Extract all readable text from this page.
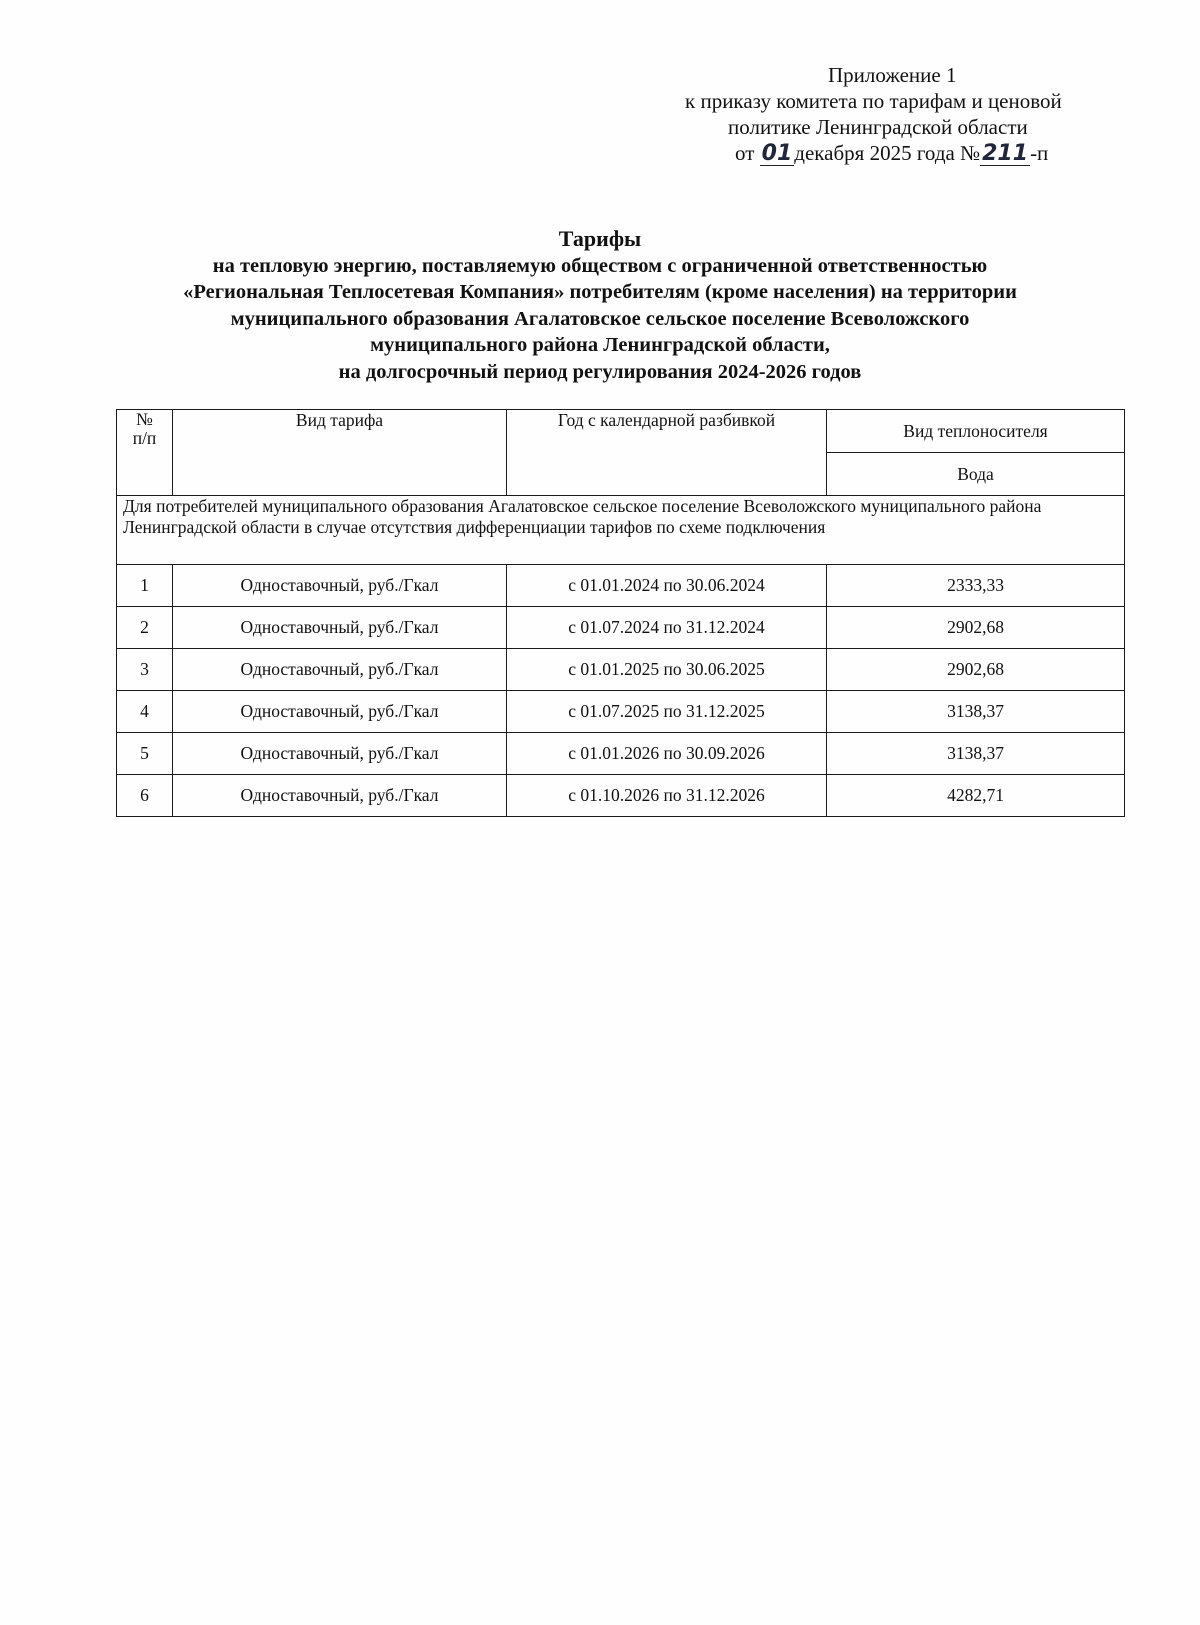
Приложение 1
к приказу комитета по тарифам и ценовой
политике Ленинградской области
от 01декабря 2025 года №211-п
Тарифы
на тепловую энергию, поставляемую обществом с ограниченной ответственностью
«Региональная Теплосетевая Компания» потребителям (кроме населения) на территории
муниципального образования Агалатовское сельское поселение Всеволожского
муниципального района Ленинградской области,
на долгосрочный период регулирования 2024-2026 годов
№
п/п	Вид тарифа	Год с календарной разбивкой	Вид теплоносителя
			Вода
Для потребителей муниципального образования Агалатовское сельское поселение Всеволожского муниципального района Ленинградской области в случае отсутствия дифференциации тарифов по схеме подключения			
1	Одноставочный, руб./Гкал	с 01.01.2024 по 30.06.2024	2333,33
2	Одноставочный, руб./Гкал	с 01.07.2024 по 31.12.2024	2902,68
3	Одноставочный, руб./Гкал	с 01.01.2025 по 30.06.2025	2902,68
4	Одноставочный, руб./Гкал	с 01.07.2025 по 31.12.2025	3138,37
5	Одноставочный, руб./Гкал	с 01.01.2026 по 30.09.2026	3138,37
6	Одноставочный, руб./Гкал	с 01.10.2026 по 31.12.2026	4282,71
